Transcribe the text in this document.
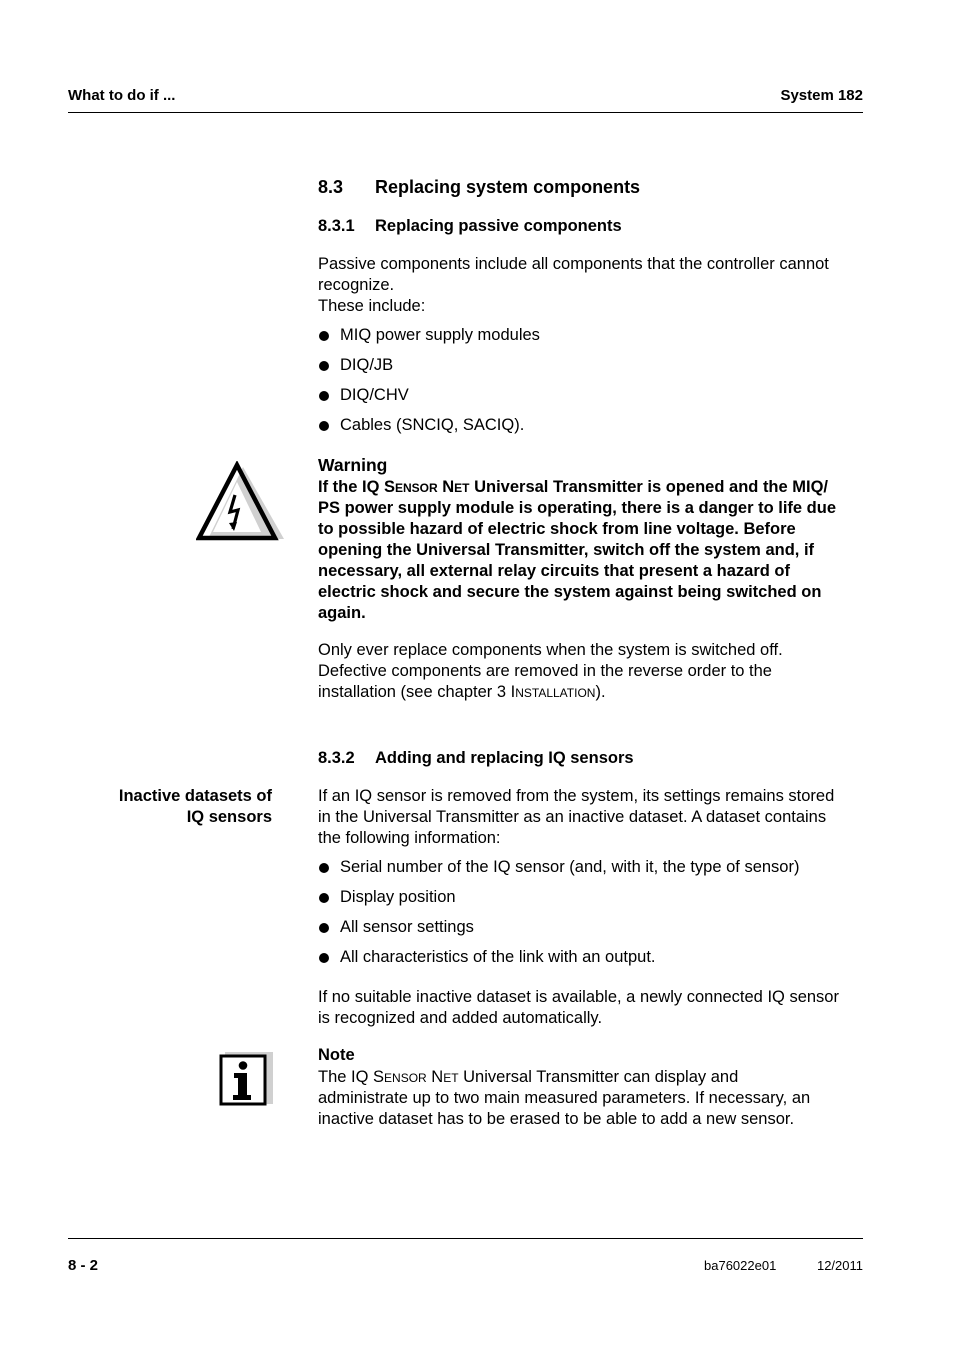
What to do if ...	System 182
8.3 Replacing system components
8.3.1 Replacing passive components
Passive components include all components that the controller cannot
recognize.
These include:
MIQ power supply modules
DIQ/JB
DIQ/CHV
Cables (SNCIQ, SACIQ).
Warning
If the IQ Sensor Net Universal Transmitter is opened and the MIQ/
PS power supply module is operating, there is a danger to life due
to possible hazard of electric shock from line voltage. Before
opening the Universal Transmitter, switch off the system and, if
necessary, all external relay circuits that present a hazard of
electric shock and secure the system against being switched on
again.
Only ever replace components when the system is switched off.
Defective components are removed in the reverse order to the
installation (see chapter 3 Installation).
8.3.2 Adding and replacing IQ sensors
Inactive datasets of
IQ sensors
If an IQ sensor is removed from the system, its settings remains stored
in the Universal Transmitter as an inactive dataset. A dataset contains
the following information:
Serial number of the IQ sensor (and, with it, the type of sensor)
Display position
All sensor settings
All characteristics of the link with an output.
If no suitable inactive dataset is available, a newly connected IQ sensor
is recognized and added automatically.
Note
The IQ Sensor Net Universal Transmitter can display and
administrate up to two main measured parameters. If necessary, an
inactive dataset has to be erased to be able to add a new sensor.
8 - 2	ba76022e01	12/2011
